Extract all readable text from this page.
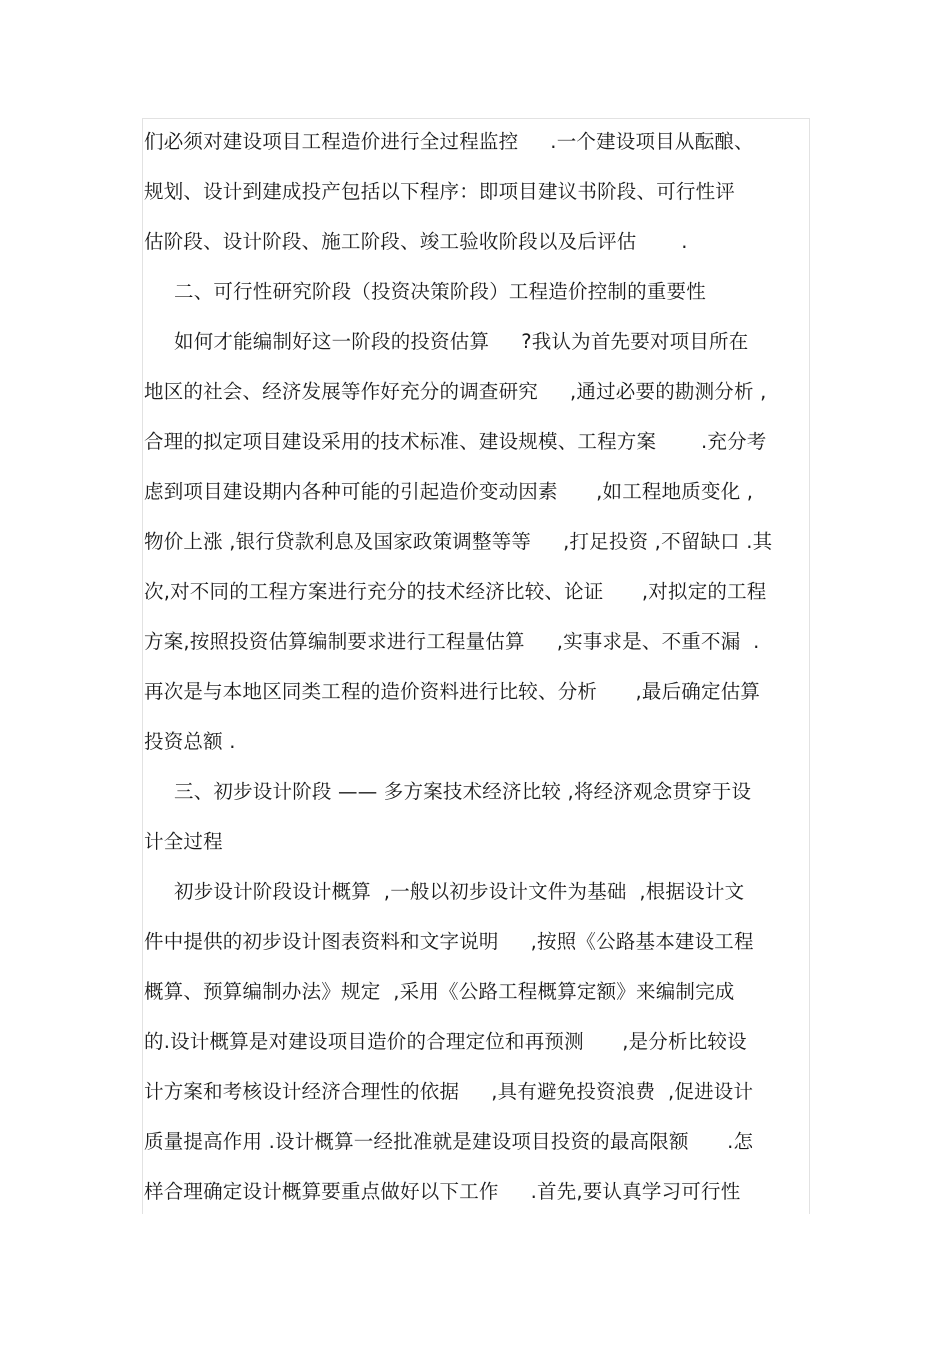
们必须对建设项目工程造价进行全过程监控     .一个建设项目从酝酿、
规划、设计到建成投产包括以下程序：即项目建议书阶段、可行性评
估阶段、设计阶段、施工阶段、竣工验收阶段以及后评估       .
二、可行性研究阶段（投资决策阶段）工程造价控制的重要性
如何才能编制好这一阶段的投资估算     ?我认为首先要对项目所在
地区的社会、经济发展等作好充分的调查研究     ,通过必要的勘测分析 ,
合理的拟定项目建设采用的技术标准、建设规模、工程方案       .充分考
虑到项目建设期内各种可能的引起造价变动因素      ,如工程地质变化 ,
物价上涨 ,银行贷款利息及国家政策调整等等     ,打足投资 ,不留缺口 .其
次,对不同的工程方案进行充分的技术经济比较、论证      ,对拟定的工程
方案,按照投资估算编制要求进行工程量估算     ,实事求是、不重不漏  .
再次是与本地区同类工程的造价资料进行比较、分析      ,最后确定估算
投资总额 .
三、初步设计阶段 —— 多方案技术经济比较 ,将经济观念贯穿于设
计全过程
初步设计阶段设计概算  ,一般以初步设计文件为基础  ,根据设计文
件中提供的初步设计图表资料和文字说明     ,按照《公路基本建设工程
概算、预算编制办法》规定  ,采用《公路工程概算定额》来编制完成
的.设计概算是对建设项目造价的合理定位和再预测      ,是分析比较设
计方案和考核设计经济合理性的依据     ,具有避免投资浪费  ,促进设计
质量提高作用 .设计概算一经批准就是建设项目投资的最高限额      .怎
样合理确定设计概算要重点做好以下工作     .首先,要认真学习可行性
